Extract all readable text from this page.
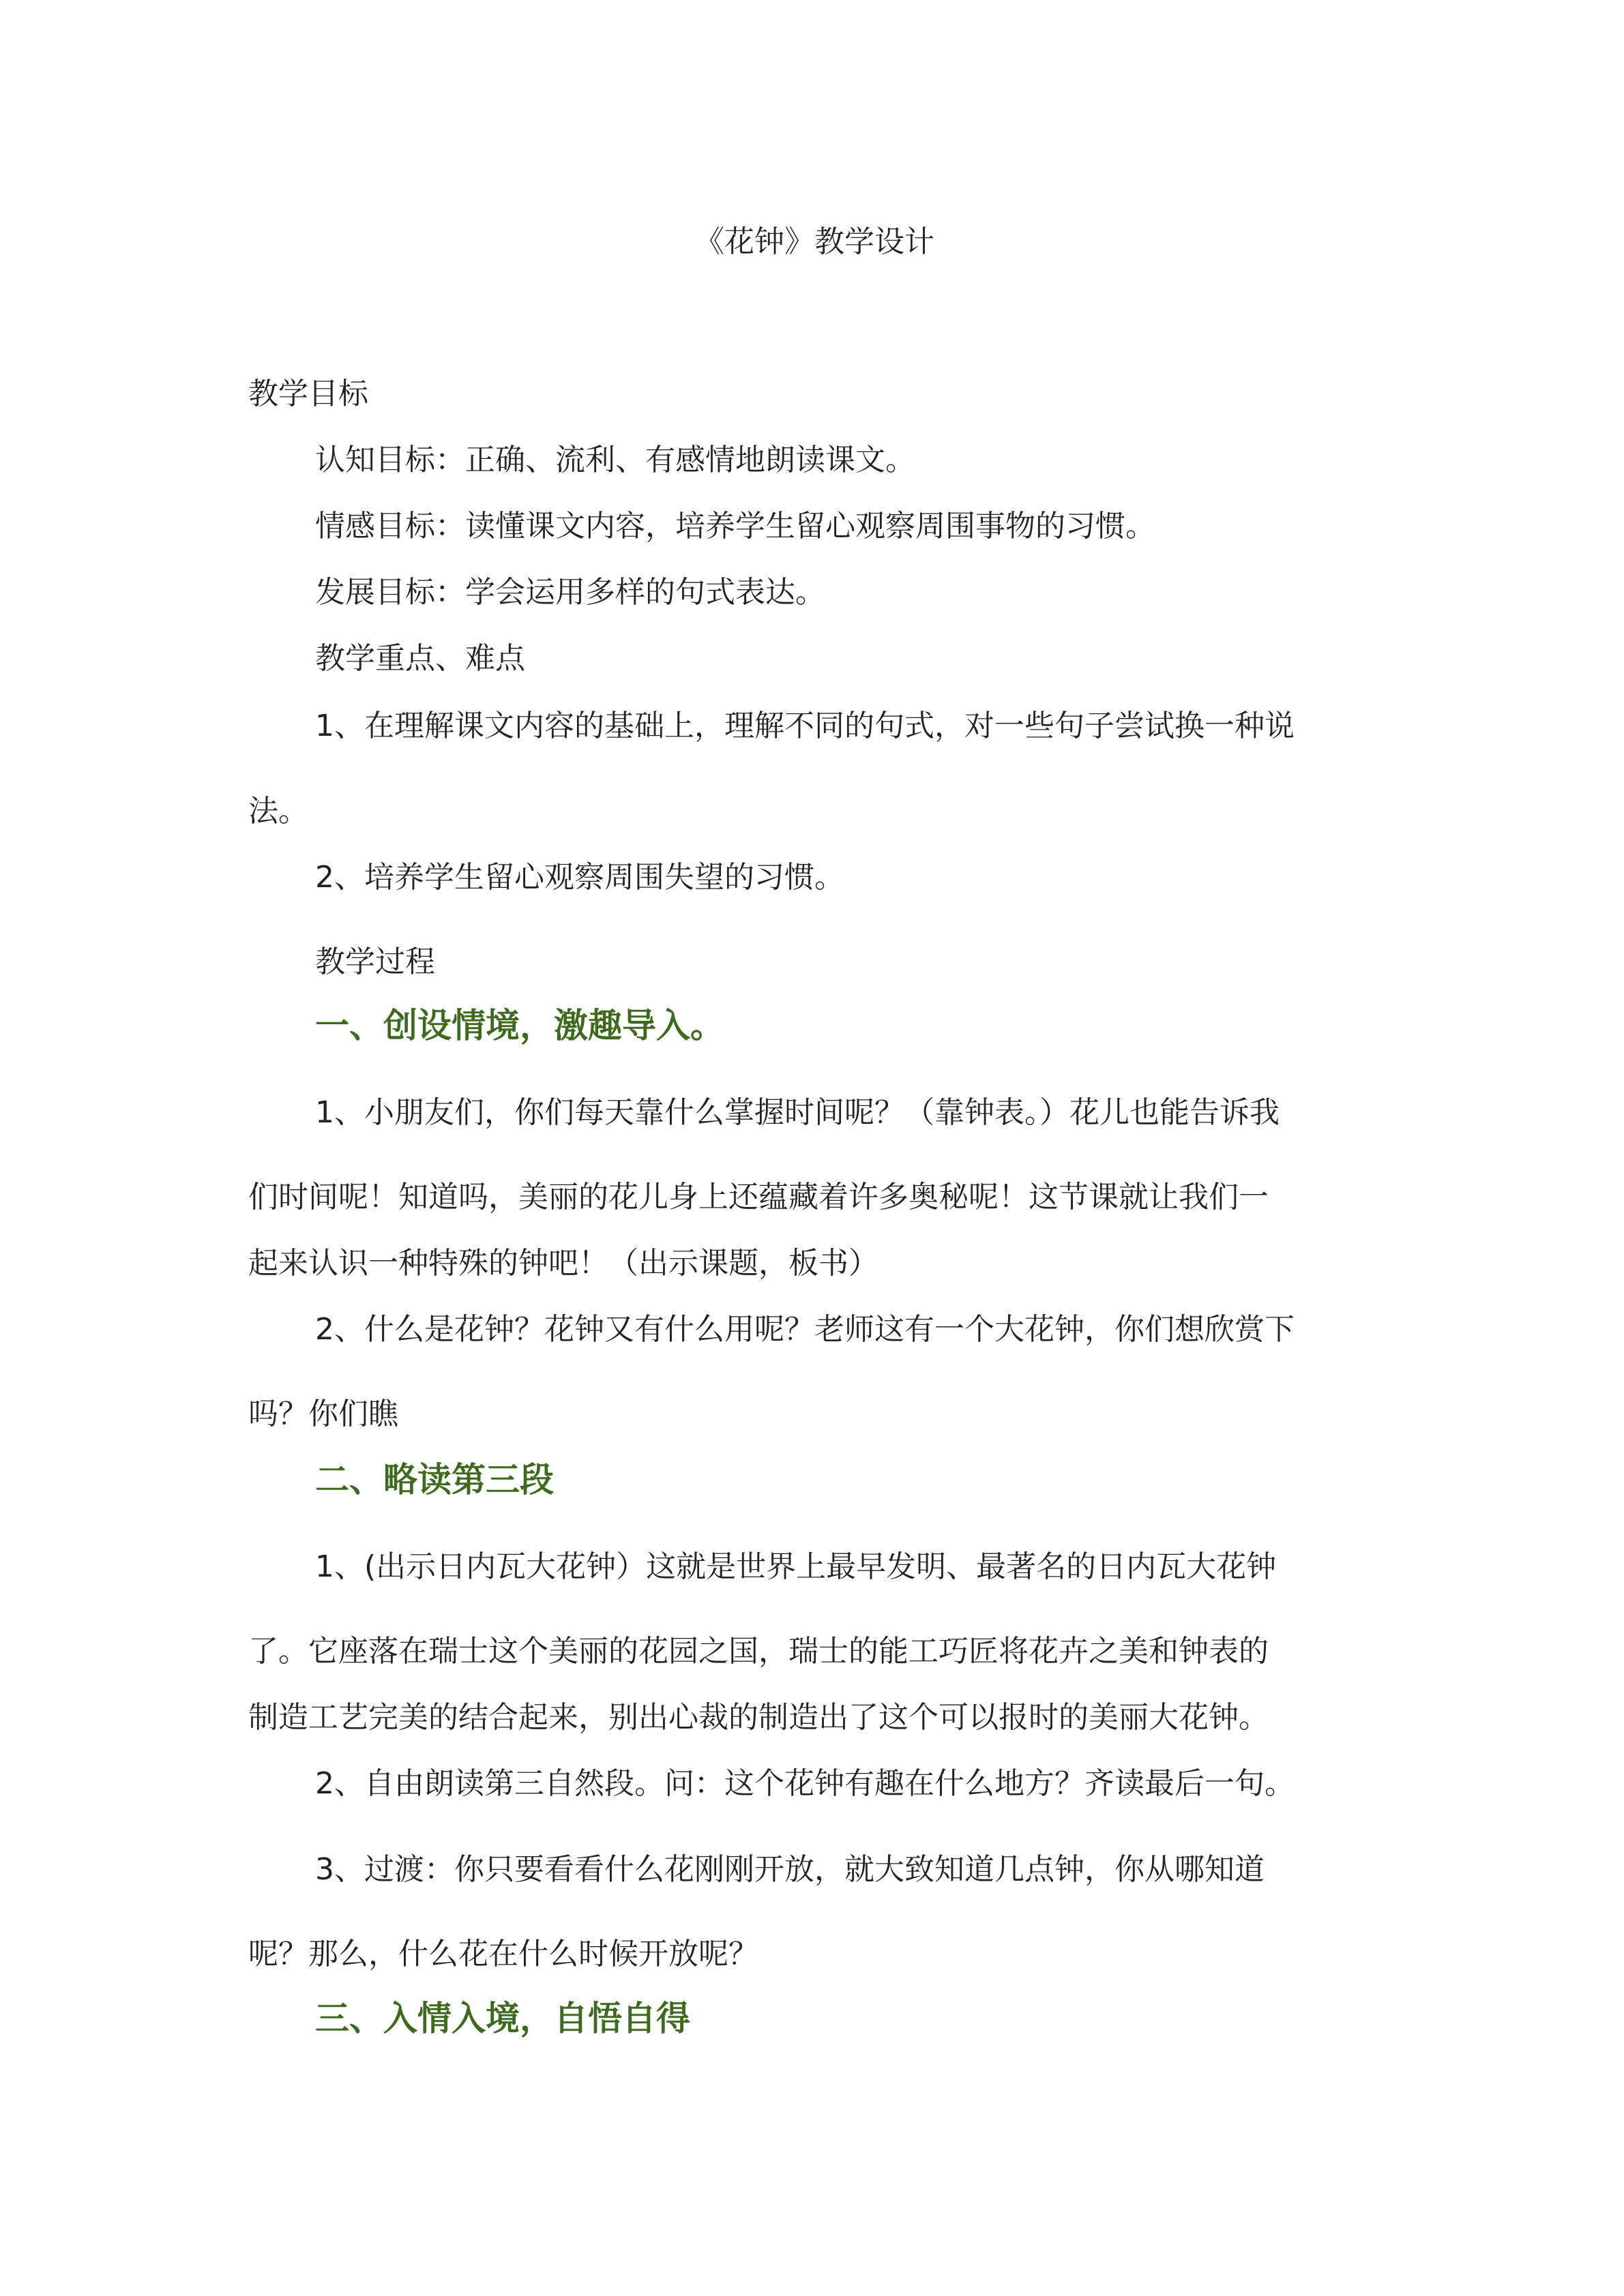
《花钟》教学设计
教学目标
认知目标：正确、流利、有感情地朗读课文。
情感目标：读懂课文内容，培养学生留心观察周围事物的习惯。
发展目标：学会运用多样的句式表达。
教学重点、难点
1、在理解课文内容的基础上，理解不同的句式，对一些句子尝试换一种说
法。
2、培养学生留心观察周围失望的习惯。
教学过程
一、创设情境，激趣导入。
1、小朋友们，你们每天靠什么掌握时间呢？（靠钟表。）花儿也能告诉我
们时间呢！知道吗，美丽的花儿身上还蕴藏着许多奥秘呢！这节课就让我们一
起来认识一种特殊的钟吧！（出示课题，板书）
2、什么是花钟？花钟又有什么用呢？老师这有一个大花钟，你们想欣赏下
吗？你们瞧
二、略读第三段
1、(出示日内瓦大花钟）这就是世界上最早发明、最著名的日内瓦大花钟
了。它座落在瑞士这个美丽的花园之国，瑞士的能工巧匠将花卉之美和钟表的
制造工艺完美的结合起来，别出心裁的制造出了这个可以报时的美丽大花钟。
2、自由朗读第三自然段。问：这个花钟有趣在什么地方？齐读最后一句。
3、过渡：你只要看看什么花刚刚开放，就大致知道几点钟，你从哪知道
呢？那么，什么花在什么时候开放呢？
三、入情入境，自悟自得
